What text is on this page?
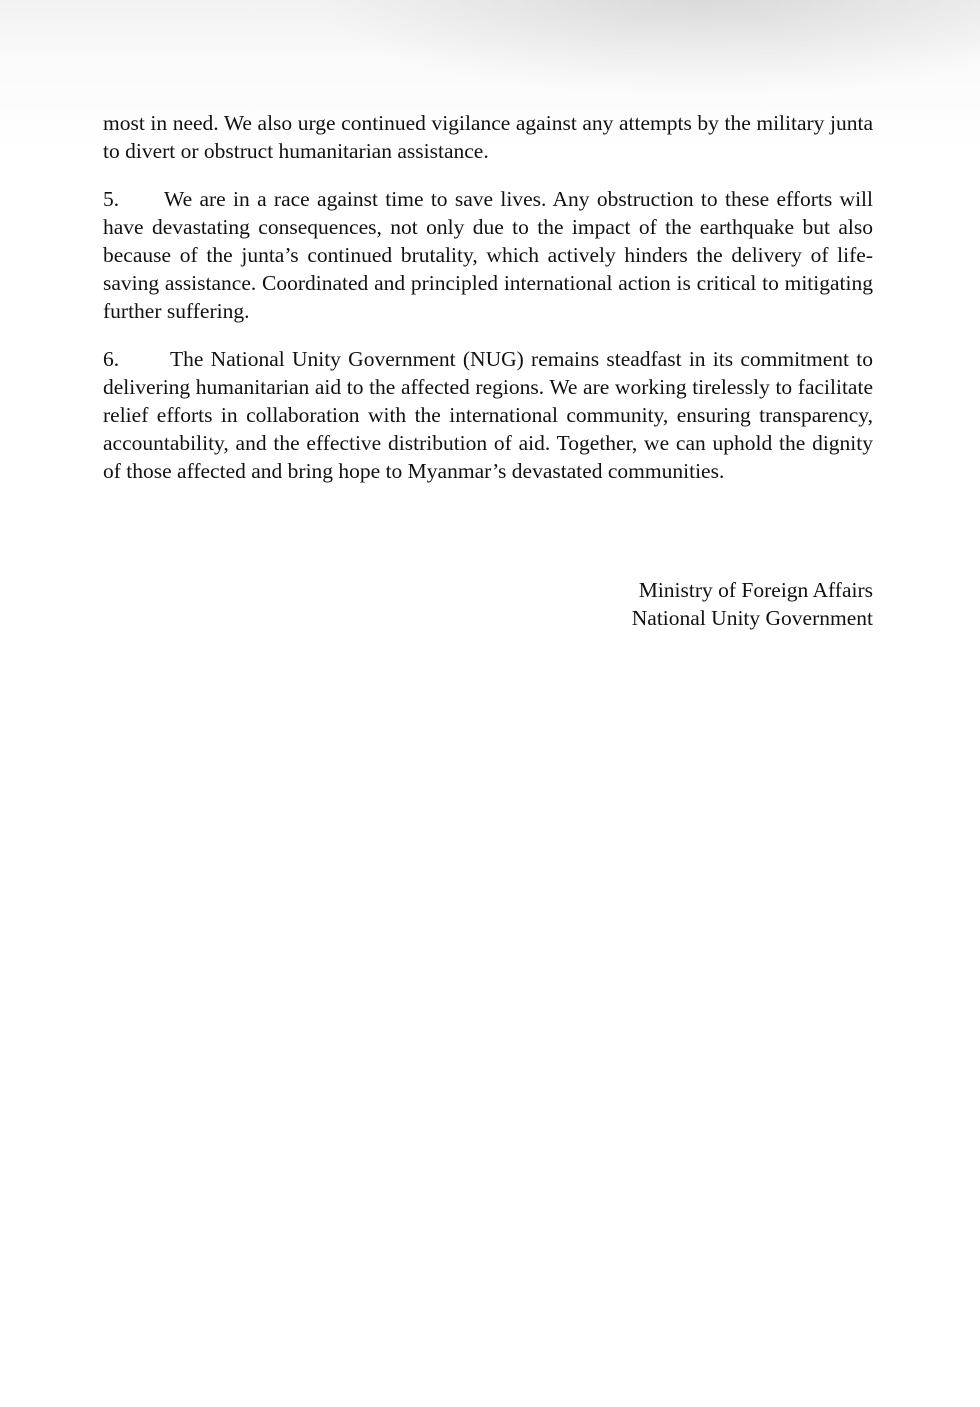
most in need. We also urge continued vigilance against any attempts by the military junta to divert or obstruct humanitarian assistance.

5. We are in a race against time to save lives. Any obstruction to these efforts will have devastating consequences, not only due to the impact of the earthquake but also because of the junta’s continued brutality, which actively hinders the delivery of life-saving assistance. Coordinated and principled international action is critical to mitigating further suffering.

6. The National Unity Government (NUG) remains steadfast in its commitment to delivering humanitarian aid to the affected regions. We are working tirelessly to facilitate relief efforts in collaboration with the international community, ensuring transparency, accountability, and the effective distribution of aid. Together, we can uphold the dignity of those affected and bring hope to Myanmar’s devastated communities.

Ministry of Foreign Affairs
National Unity Government
